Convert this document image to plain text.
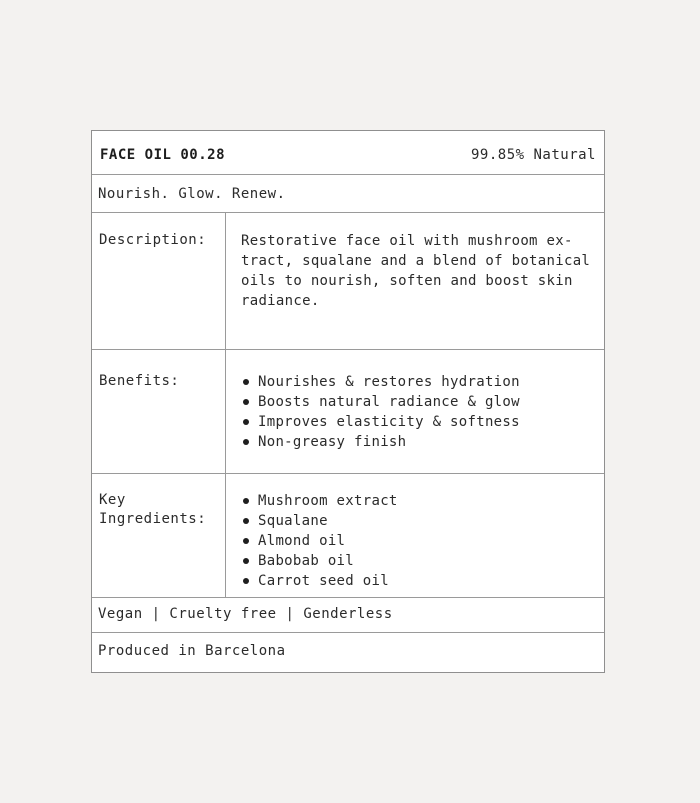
FACE OIL 00.28	99.85% Natural
Nourish. Glow. Renew.
Description:	Restorative face oil with mushroom ex-
tract, squalane and a blend of botanical
oils to nourish, soften and boost skin
radiance.
Benefits:	Nourishes & restores hydration
Boosts natural radiance & glow
Improves elasticity & softness
Non-greasy finish
Key
Ingredients:
Mushroom extract
Squalane
Almond oil
Babobab oil
Carrot seed oil
Vegan | Cruelty free | Genderless
Produced in Barcelona
